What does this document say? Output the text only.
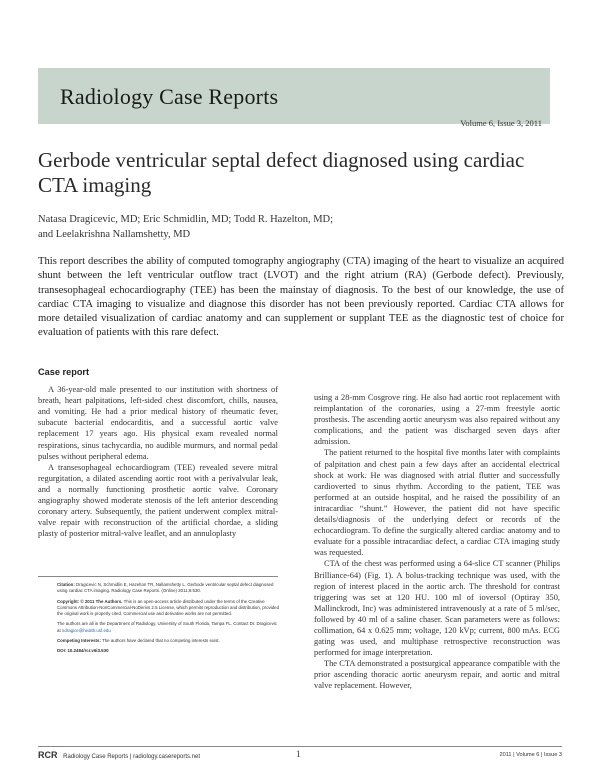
Radiology Case Reports
Volume 6, Issue 3, 2011
Gerbode ventricular septal defect diagnosed using cardiac CTA imaging
Natasa Dragicevic, MD; Eric Schmidlin, MD; Todd R. Hazelton, MD;
and Leelakrishna Nallamshetty, MD
This report describes the ability of computed tomography angiography (CTA) imaging of the heart to visualize an acquired shunt between the left ventricular outflow tract (LVOT) and the right atrium (RA) (Gerbode defect). Previously, transesophageal echocardiography (TEE) has been the mainstay of diagnosis. To the best of our knowledge, the use of cardiac CTA imaging to visualize and diagnose this disorder has not been previously reported. Cardiac CTA allows for more detailed visualization of cardiac anatomy and can supplement or supplant TEE as the diagnostic test of choice for evaluation of patients with this rare defect.
Case report

A 36-year-old male presented to our institution with shortness of breath, heart palpitations, left-sided chest discomfort, chills, nausea, and vomiting. He had a prior medical history of rheumatic fever, subacute bacterial endocarditis, and a successful aortic valve replacement 17 years ago. His physical exam revealed normal respirations, sinus tachycardia, no audible murmurs, and normal pedal pulses without peripheral edema.

A transesophageal echocardiogram (TEE) revealed severe mitral regurgitation, a dilated ascending aortic root with a perivalvular leak, and a normally functioning prosthetic aortic valve. Coronary angiography showed moderate stenosis of the left anterior descending coronary artery. Subsequently, the patient underwent complex mitral-valve repair with reconstruction of the artificial chordae, a sliding plasty of posterior mitral-valve leaflet, and an annuloplasty

using a 28-mm Cosgrove ring. He also had aortic root replacement with reimplantation of the coronaries, using a 27-mm freestyle aortic prosthesis. The ascending aortic aneurysm was also repaired without any complications, and the patient was discharged seven days after admission.

The patient returned to the hospital five months later with complaints of palpitation and chest pain a few days after an accidental electrical shock at work. He was diagnosed with atrial flutter and successfully cardioverted to sinus rhythm. According to the patient, TEE was performed at an outside hospital, and he raised the possibility of an intracardiac “shunt.” However, the patient did not have specific details/diagnosis of the underlying defect or records of the echocardiogram. To define the surgically altered cardiac anatomy and to evaluate for a possible intracardiac defect, a cardiac CTA imaging study was requested.

CTA of the chest was performed using a 64-slice CT scanner (Philips Brilliance-64) (Fig. 1). A bolus-tracking technique was used, with the region of interest placed in the aortic arch. The threshold for contrast triggering was set at 120 HU. 100 ml of ioversol (Optiray 350, Mallinckrodt, Inc) was administered intravenously at a rate of 5 ml/sec, followed by 40 ml of a saline chaser. Scan parameters were as follows: collimation, 64 x 0.625 mm; voltage, 120 kVp; current, 800 mAs. ECG gating was used, and multiphase retrospective reconstruction was performed for image interpretation.

The CTA demonstrated a postsurgical appearance compatible with the prior ascending thoracic aortic aneurysm repair, and aortic and mitral valve replacement. However,

Citation: Dragicevic N, Schmidlin E, Hazelton TR, Nallamshetty L. Gerbode ventricular septal defect diagnosed using cardiac CTA imaging. Radiology Case Reports. (Online) 2011;6:530.
Copyright: © 2011 The Authors. This is an open-access article distributed under the terms of the Creative Commons Attribution-NonCommercial-NoDerivs 2.5 License, which permits reproduction and distribution, provided the original work is properly cited. Commercial use and derivative works are not permitted.
The authors are all in the Department of Radiology, University of South Florida, Tampa FL. Contact Dr. Dragicevic at ndragice@health.usf.edu
Competing Interests: The authors have declared that no competing interests exist.
DOI: 10.2484/rcr.v6i3.530
RCR Radiology Case Reports | radiology.casereports.net	1	2011 | Volume 6 | Issue 3
